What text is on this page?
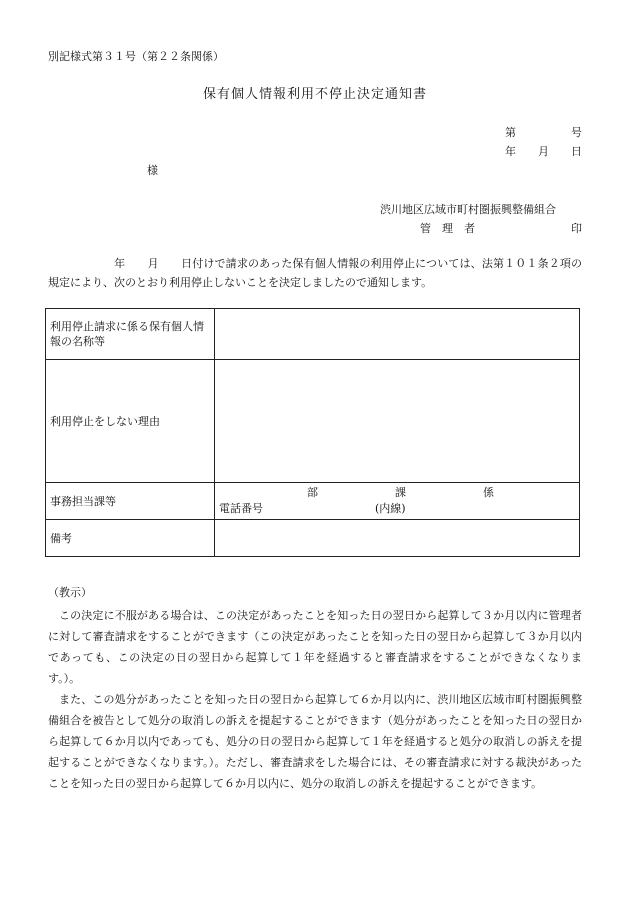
別記様式第３１号（第２２条関係）
保有個人情報利用不停止決定通知書
第　　　　　号
年　　月　　日
様
渋川地区広域市町村圏振興整備組合
管　理　者	印
年　　月　　 日付けで請求のあった保有個人情報の利用停止については、法第１０１条２項の規定により、次のとおり利用停止しないことを決定しましたので通知します。
利用停止請求に係る保有個人情報の名称等	
利用停止をしない理由	
事務担当課等	部 課 係
電話番号 (内線)

備考	

（教示）

この決定に不服がある場合は、この決定があったことを知った日の翌日から起算して３か月以内に管理者に対して審査請求をすることができます（この決定があったことを知った日の翌日から起算して３か月以内であっても、この決定の日の翌日から起算して１年を経過すると審査請求をすることができなくなります。）。

また、この処分があったことを知った日の翌日から起算して６か月以内に、渋川地区広域市町村圏振興整備組合を被告として処分の取消しの訴えを提起することができます（処分があったことを知った日の翌日から起算して６か月以内であっても、処分の日の翌日から起算して１年を経過すると処分の取消しの訴えを提起することができなくなります。）。ただし、審査請求をした場合には、その審査請求に対する裁決があったことを知った日の翌日から起算して６か月以内に、処分の取消しの訴えを提起することができます。
